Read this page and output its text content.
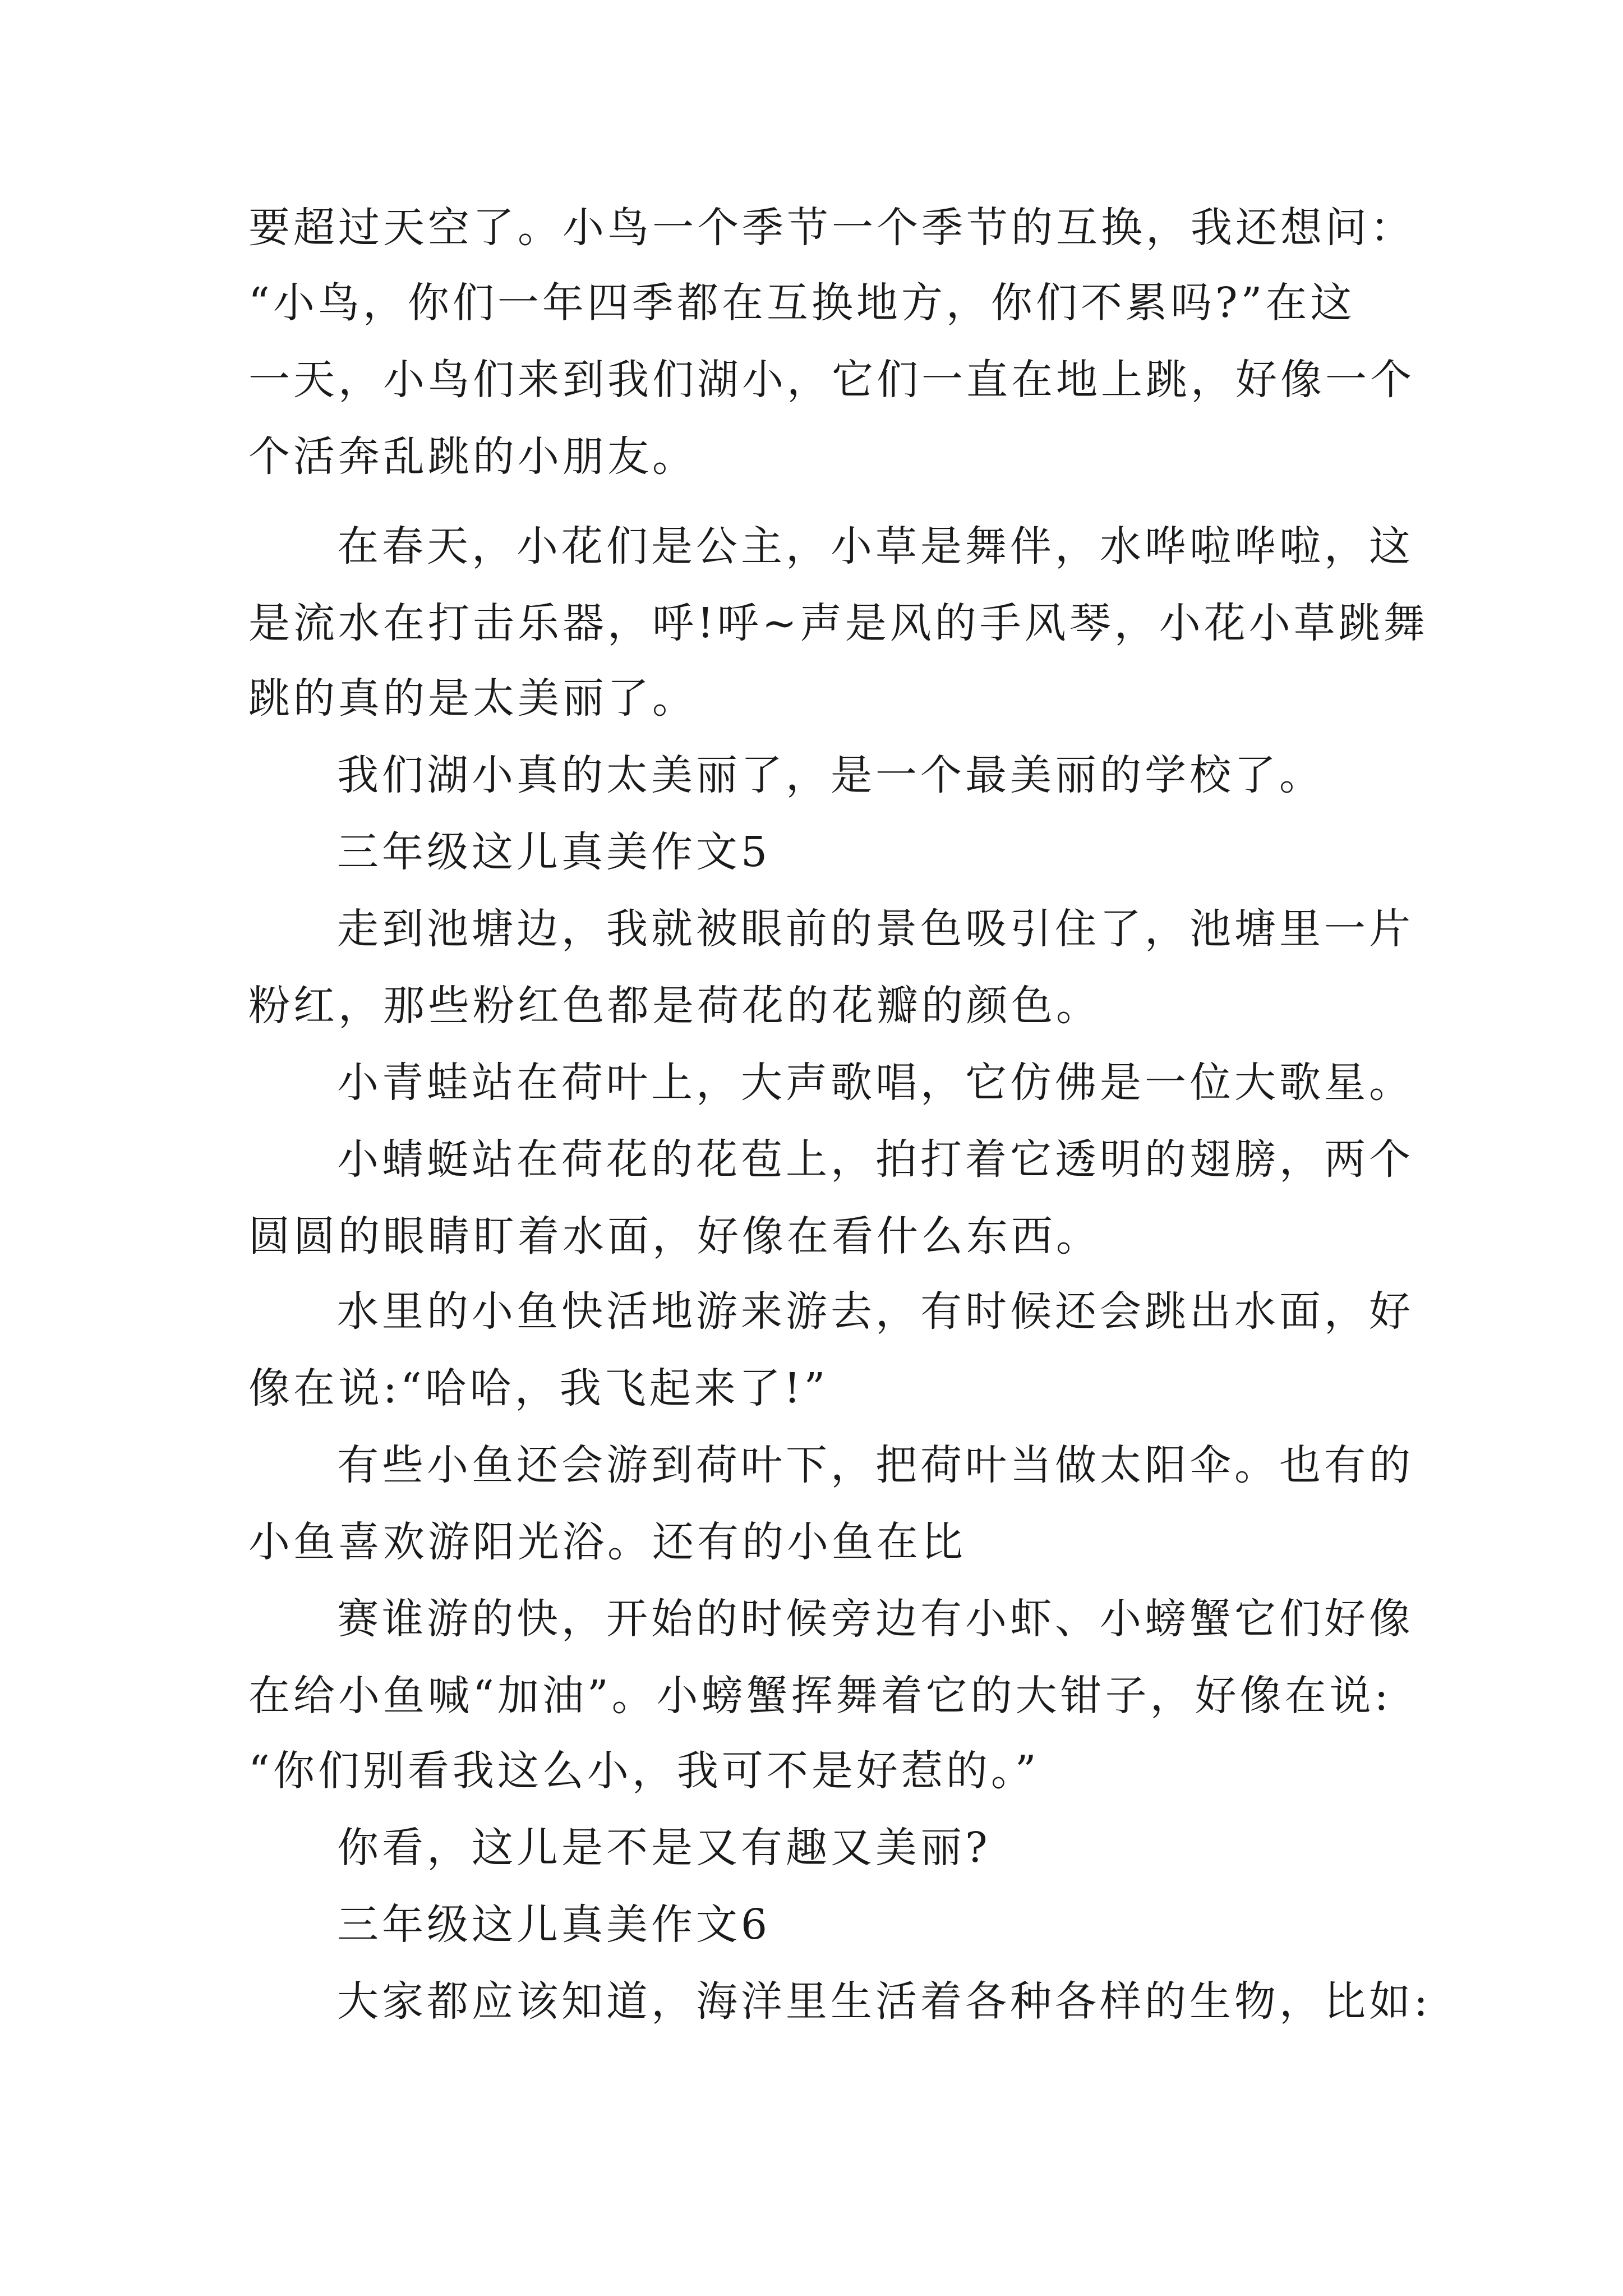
要超过天空了。小鸟一个季节一个季节的互换，我还想问：
“小鸟，你们一年四季都在互换地方，你们不累吗?”在这
一天，小鸟们来到我们湖小，它们一直在地上跳，好像一个
个活奔乱跳的小朋友。
在春天，小花们是公主，小草是舞伴，水哗啦哗啦，这
是流水在打击乐器，呼!呼~声是风的手风琴，小花小草跳舞
跳的真的是太美丽了。
我们湖小真的太美丽了，是一个最美丽的学校了。
三年级这儿真美作文5
走到池塘边，我就被眼前的景色吸引住了，池塘里一片
粉红，那些粉红色都是荷花的花瓣的颜色。
小青蛙站在荷叶上，大声歌唱，它仿佛是一位大歌星。
小蜻蜓站在荷花的花苞上，拍打着它透明的翅膀，两个
圆圆的眼睛盯着水面，好像在看什么东西。
水里的小鱼快活地游来游去，有时候还会跳出水面，好
像在说:“哈哈，我飞起来了!”
有些小鱼还会游到荷叶下，把荷叶当做太阳伞。也有的
小鱼喜欢游阳光浴。还有的小鱼在比
赛谁游的快，开始的时候旁边有小虾、小螃蟹它们好像
在给小鱼喊“加油”。小螃蟹挥舞着它的大钳子，好像在说:
“你们别看我这么小，我可不是好惹的。”
你看，这儿是不是又有趣又美丽?
三年级这儿真美作文6
大家都应该知道，海洋里生活着各种各样的生物，比如:
